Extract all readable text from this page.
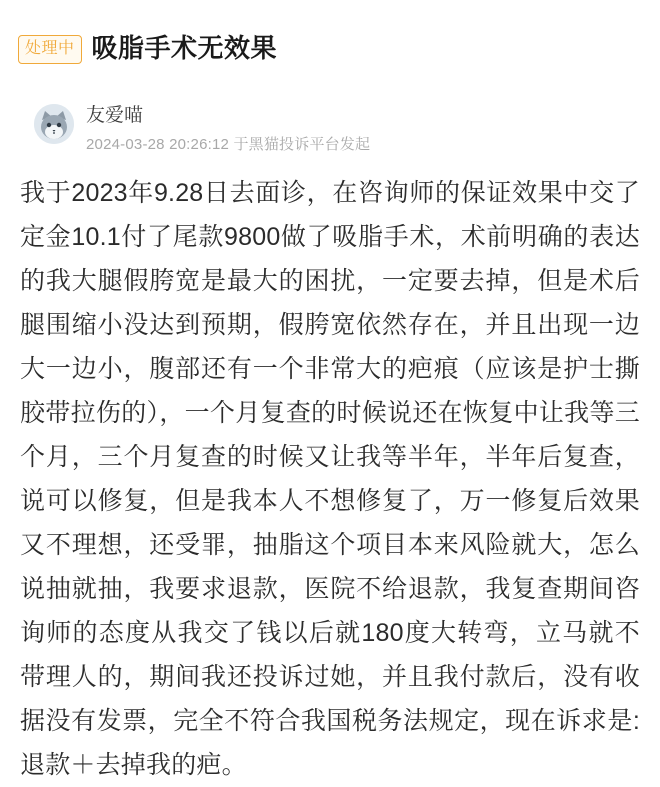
处理中 吸脂手术无效果
友爱喵
2024-03-28 20:26:12 于黑猫投诉平台发起
我于2023年9.28日去面诊，在咨询师的保证效果中交了定金10.1付了尾款9800做了吸脂手术，术前明确的表达的我大腿假胯宽是最大的困扰，一定要去掉，但是术后腿围缩小没达到预期，假胯宽依然存在，并且出现一边大一边小，腹部还有一个非常大的疤痕（应该是护士撕胶带拉伤的），一个月复查的时候说还在恢复中让我等三个月，三个月复查的时候又让我等半年，半年后复查，说可以修复，但是我本人不想修复了，万一修复后效果又不理想，还受罪，抽脂这个项目本来风险就大，怎么说抽就抽，我要求退款，医院不给退款，我复查期间咨询师的态度从我交了钱以后就180度大转弯，立马就不带理人的，期间我还投诉过她，并且我付款后，没有收据没有发票，完全不符合我国税务法规定，现在诉求是:退款＋去掉我的疤。
